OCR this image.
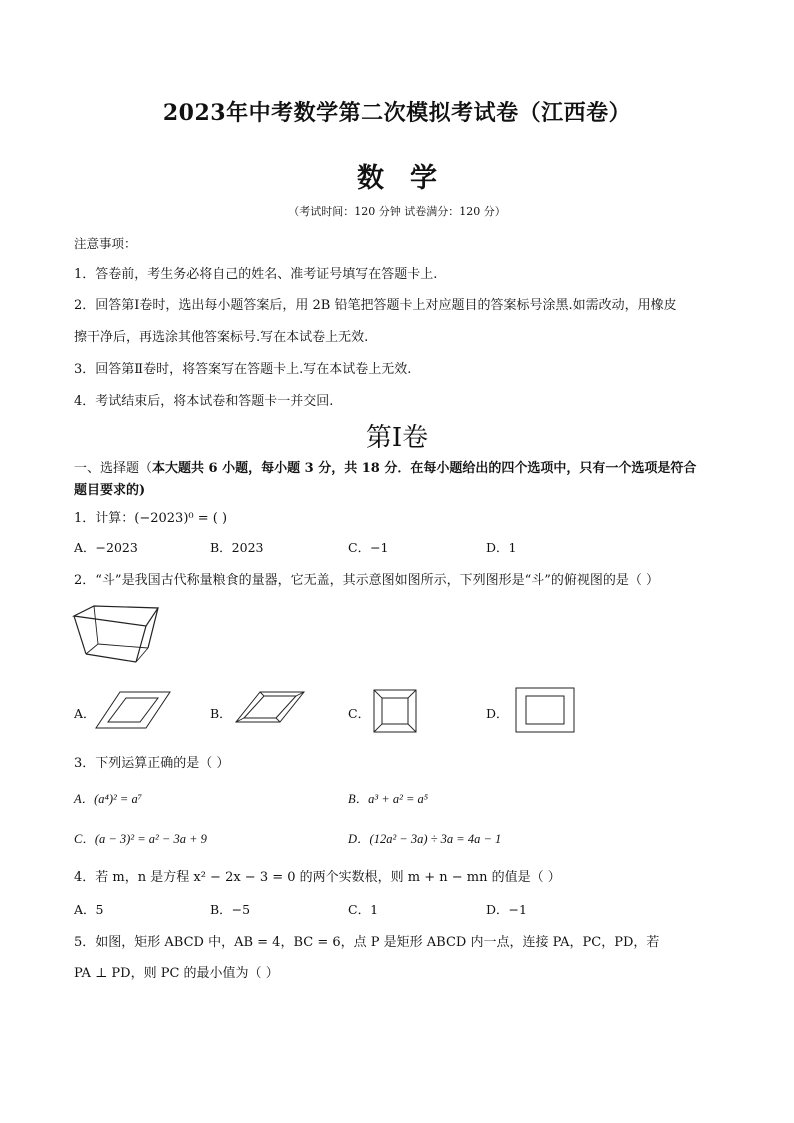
2023年中考数学第二次模拟考试卷（江西卷）
数学
（考试时间：120 分钟 试卷满分：120 分）
注意事项：
1．答卷前，考生务必将自己的姓名、准考证号填写在答题卡上.
2．回答第Ⅰ卷时，选出每小题答案后，用 2B 铅笔把答题卡上对应题目的答案标号涂黑.如需改动，用橡皮
擦干净后，再选涂其他答案标号.写在本试卷上无效.
3．回答第Ⅱ卷时，将答案写在答题卡上.写在本试卷上无效.
4．考试结束后，将本试卷和答题卡一并交回.
第Ⅰ卷
一、选择题（本大题共 6 小题，每小题 3 分，共 18 分．在每小题给出的四个选项中，只有一个选项是符合
题目要求的)
1．计算：(−2023)⁰ = ( )
A．−2023	B．2023	C．−1	D．1
2．“斗”是我国古代称量粮食的量器，它无盖，其示意图如图所示，下列图形是“斗”的俯视图的是（ ）
A．	B．	C．	D．
3．下列运算正确的是（ ）
A．(a⁴)² = a⁷	B．a³ + a² = a⁵
C．(a − 3)² = a² − 3a + 9	D．(12a² − 3a) ÷ 3a = 4a − 1
4．若 m，n 是方程 x² − 2x − 3 = 0 的两个实数根，则 m + n − mn 的值是（ ）
A．5	B．−5	C．1	D．−1
5．如图，矩形 ABCD 中，AB = 4，BC = 6，点 P 是矩形 ABCD 内一点，连接 PA，PC，PD，若
PA ⊥ PD，则 PC 的最小值为（ ）
